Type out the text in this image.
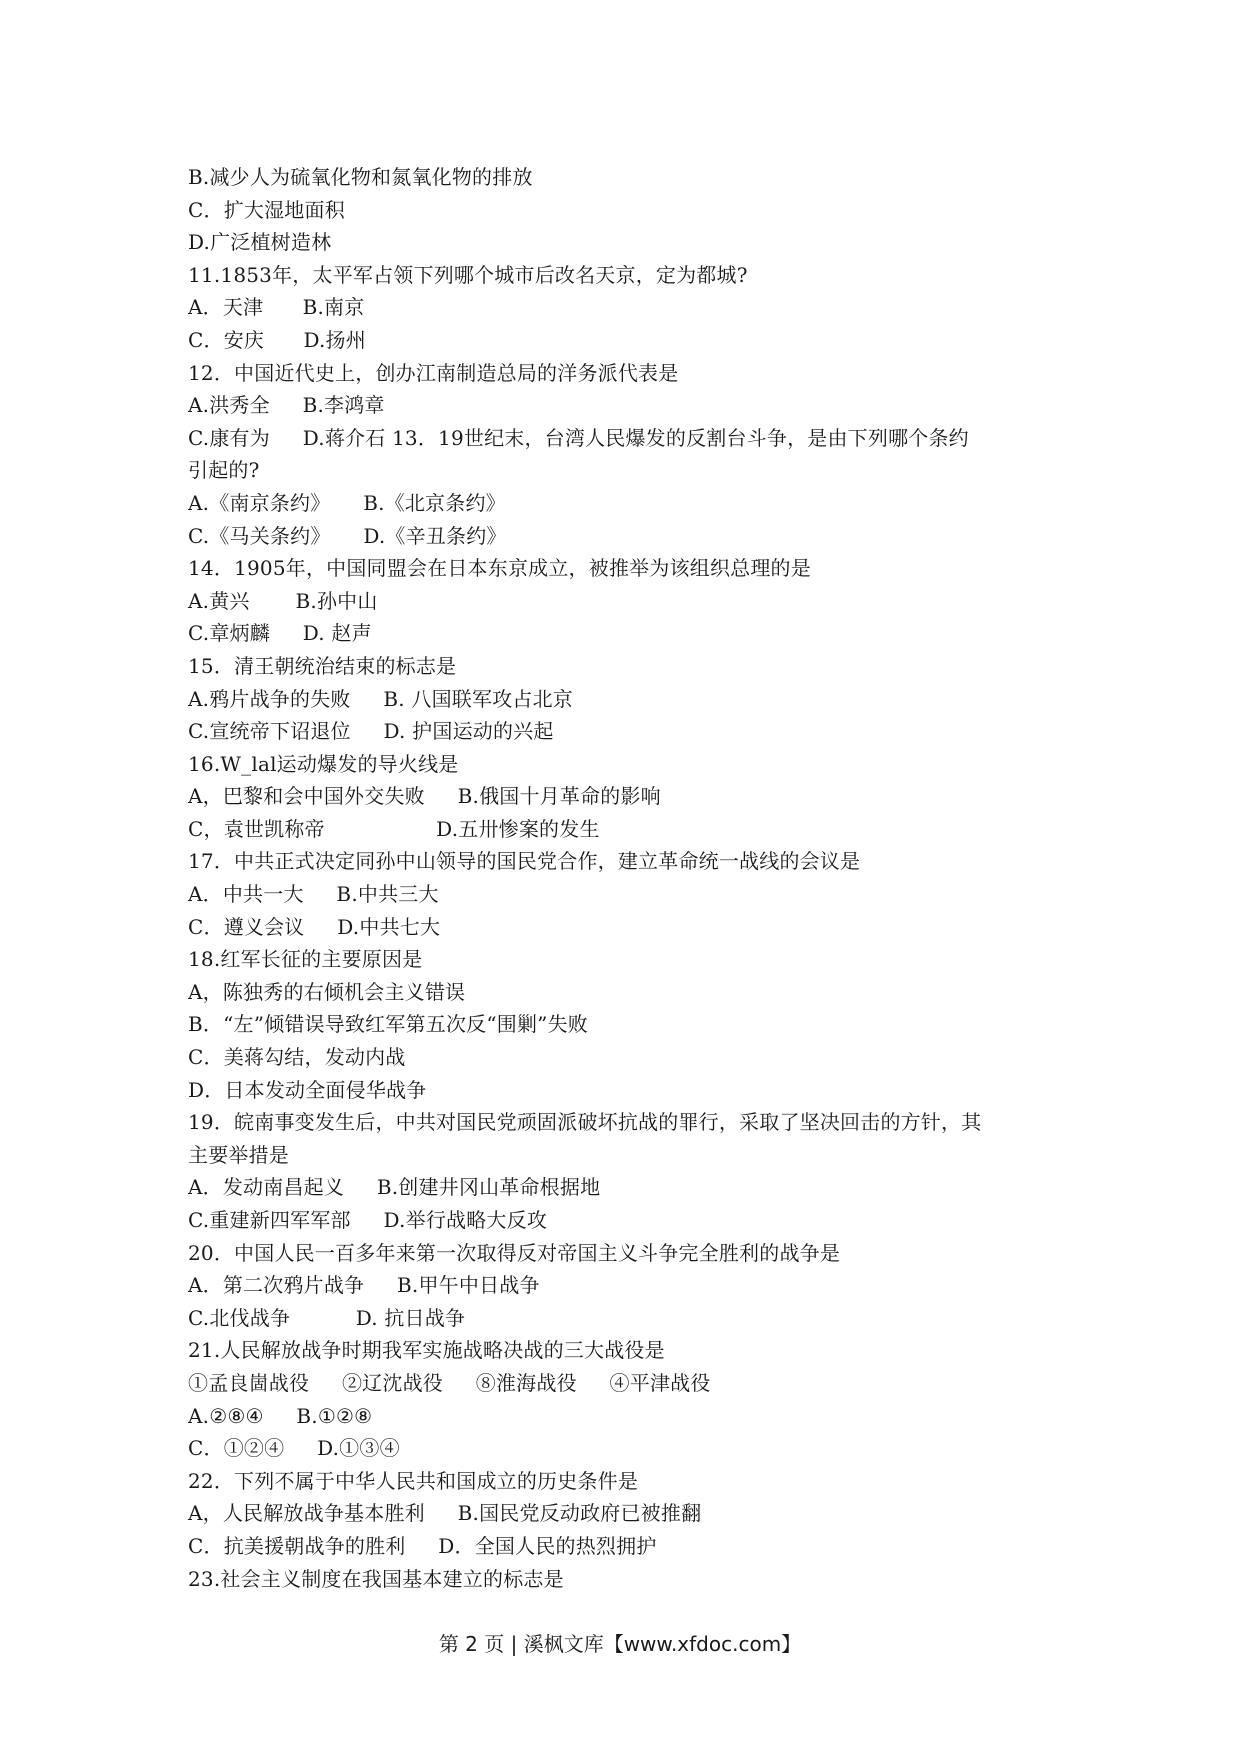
B.减少人为硫氧化物和氮氧化物的排放
C．扩大湿地面积
D.广泛植树造林
11.1853年，太平军占领下列哪个城市后改名天京，定为都城?
A．天津      B.南京
C．安庆      D.扬州
12．中国近代史上，创办江南制造总局的洋务派代表是
A.洪秀全     B.李鸿章
C.康有为     D.蒋介石 13．19世纪末，台湾人民爆发的反割台斗争，是由下列哪个条约
引起的?
A.《南京条约》     B.《北京条约》
C.《马关条约》     D.《辛丑条约》
14．1905年，中国同盟会在日本东京成立，被推举为该组织总理的是
A.黄兴       B.孙中山
C.章炳麟     D. 赵声
15．清王朝统治结束的标志是
A.鸦片战争的失败     B. 八国联军攻占北京
C.宣统帝下诏退位     D. 护国运动的兴起
16.W_lal运动爆发的导火线是
A，巴黎和会中国外交失败     B.俄国十月革命的影响
C，袁世凯称帝                 D.五卅惨案的发生
17．中共正式决定同孙中山领导的国民党合作，建立革命统一战线的会议是
A．中共一大     B.中共三大
C．遵义会议     D.中共七大
18.红军长征的主要原因是
A，陈独秀的右倾机会主义错误
B．“左”倾错误导致红军第五次反“围剿”失败
C．美蒋勾结，发动内战
D．日本发动全面侵华战争
19．皖南事变发生后，中共对国民党顽固派破坏抗战的罪行，采取了坚决回击的方针，其
主要举措是
A．发动南昌起义     B.创建井冈山革命根据地
C.重建新四军军部     D.举行战略大反攻
20．中国人民一百多年来第一次取得反对帝国主义斗争完全胜利的战争是
A．第二次鸦片战争     B.甲午中日战争
C.北伐战争          D. 抗日战争
21.人民解放战争时期我军实施战略决战的三大战役是
①孟良崮战役     ②辽沈战役     ⑧淮海战役     ④平津战役
A.②⑧④     B.①②⑧
C．①②④     D.①③④
22．下列不属于中华人民共和国成立的历史条件是
A，人民解放战争基本胜利     B.国民党反动政府已被推翻
C．抗美援朝战争的胜利     D．全国人民的热烈拥护
23.社会主义制度在我国基本建立的标志是
第 2 页 | 溪枫文库【www.xfdoc.com】
